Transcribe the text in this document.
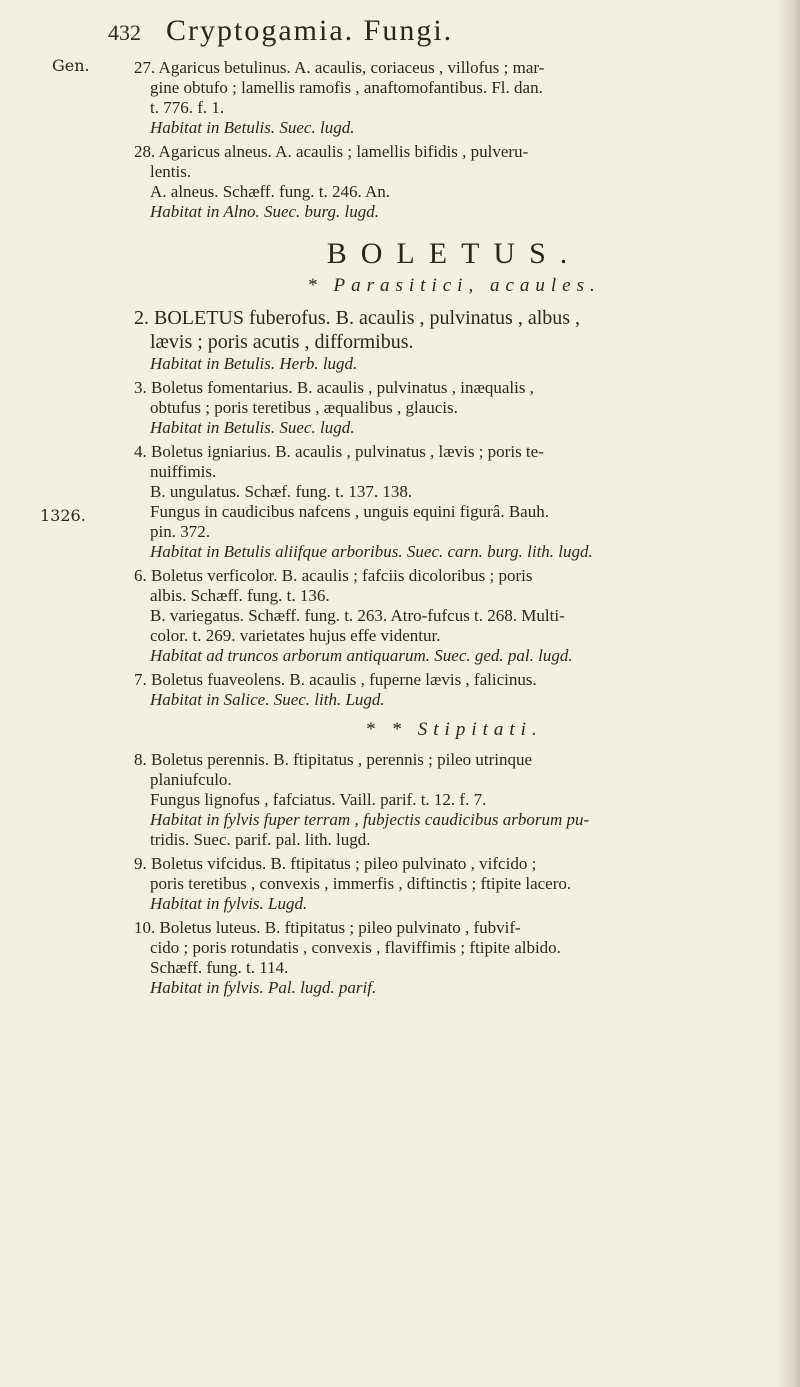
432 Cryptogamia. Fungi.
Gen.
1326.
27. Agaricus betulinus. A. acaulis, coriaceus , villofus ; mar-
gine obtufo ; lamellis ramofis , anaftomofantibus. Fl. dan.
t. 776. f. 1.
Habitat in Betulis. Suec. lugd.
28. Agaricus alneus. A. acaulis ; lamellis bifidis , pulveru-
lentis.
A. alneus. Schæff. fung. t. 246. An.
Habitat in Alno. Suec. burg. lugd.
BOLETUS.
* Parasitici, acaules.
2. BOLETUS fuberofus. B. acaulis , pulvinatus , albus ,
lævis ; poris acutis , difformibus.
Habitat in Betulis. Herb. lugd.
3. Boletus fomentarius. B. acaulis , pulvinatus , inæqualis ,
obtufus ; poris teretibus , æqualibus , glaucis.
Habitat in Betulis. Suec. lugd.
4. Boletus igniarius. B. acaulis , pulvinatus , lævis ; poris te-
nuiffimis.
B. ungulatus. Schæf. fung. t. 137. 138.
Fungus in caudicibus nafcens , unguis equini figurâ. Bauh.
pin. 372.
Habitat in Betulis aliifque arboribus. Suec. carn. burg. lith. lugd.
6. Boletus verficolor. B. acaulis ; fafciis dicoloribus ; poris
albis. Schæff. fung. t. 136.
B. variegatus. Schæff. fung. t. 263. Atro-fufcus t. 268. Multi-
color. t. 269. varietates hujus effe videntur.
Habitat ad truncos arborum antiquarum. Suec. ged. pal. lugd.
7. Boletus fuaveolens. B. acaulis , fuperne lævis , falicinus.
Habitat in Salice. Suec. lith. Lugd.
* * Stipitati.
8. Boletus perennis. B. ftipitatus , perennis ; pileo utrinque
planiufculo.
Fungus lignofus , fafciatus. Vaill. parif. t. 12. f. 7.
Habitat in fylvis fuper terram , fubjectis caudicibus arborum pu-
tridis. Suec. parif. pal. lith. lugd.
9. Boletus vifcidus. B. ftipitatus ; pileo pulvinato , vifcido ;
poris teretibus , convexis , immerfis , diftinctis ; ftipite lacero.
Habitat in fylvis. Lugd.
10. Boletus luteus. B. ftipitatus ; pileo pulvinato , fubvif-
cido ; poris rotundatis , convexis , flaviffimis ; ftipite albido.
Schæff. fung. t. 114.
Habitat in fylvis. Pal. lugd. parif.
